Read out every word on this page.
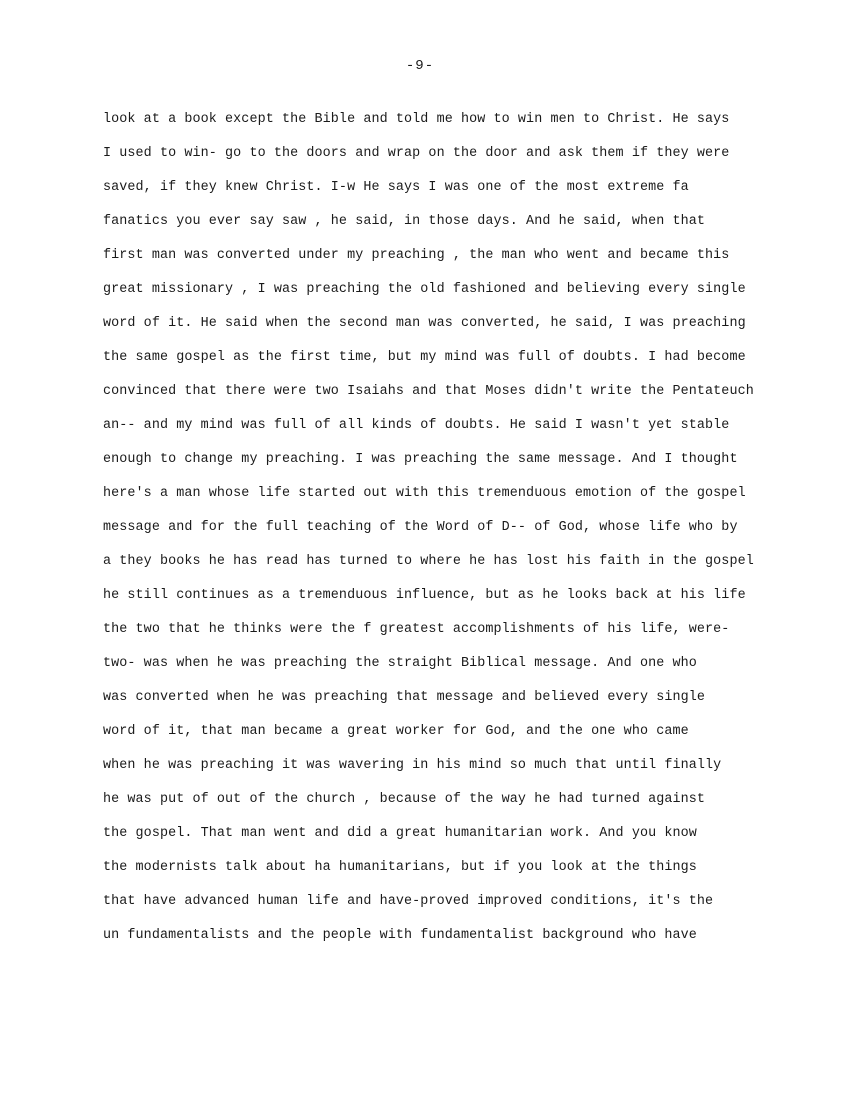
-9-
look at a book except the Bible and told me how to win men to Christ. He says
I used to win- go to the doors and wrap on the door and ask them if they were
saved, if they knew Christ. I-w He says I was one of the most extreme fa
fanatics you ever say saw , he said, in those days. And he said, when that
first man was converted under my preaching , the man who went and became this
great missionary , I was preaching the old fashioned and believing every single
word of it. He said when the second man was converted, he said, I was preaching
the same gospel as the first time, but my mind was full of doubts. I had become
convinced that there were two Isaiahs and that Moses didn't write the Pentateuch
an-- and my mind was full of all kinds of doubts. He said I wasn't yet stable
enough to change my preaching. I was preaching the same message. And I thought
here's a man whose life started out with this tremenduous emotion of the gospel
message and for the full teaching of the Word of D-- of God, whose life who by
a they books he has read has turned to where he has lost his faith in the gospel
he still continues as a tremenduous influence, but as he looks back at his life
the two that he thinks were the f greatest accomplishments of his life, were-
two- was when he was preaching the straight Biblical message. And one who
was converted when he was preaching that message and believed every single
word of it, that man became a great worker for God, and the one who came
when he was preaching it was wavering in his mind so much that until finally
he was put of out of the church , because of the way he had turned against
the gospel. That man went and did a great humanitarian work. And you know
the modernists talk about ha humanitarians, but if you look at the things
that have advanced human life and have-proved improved conditions, it's the
un fundamentalists and the people with fundamentalist background who have
